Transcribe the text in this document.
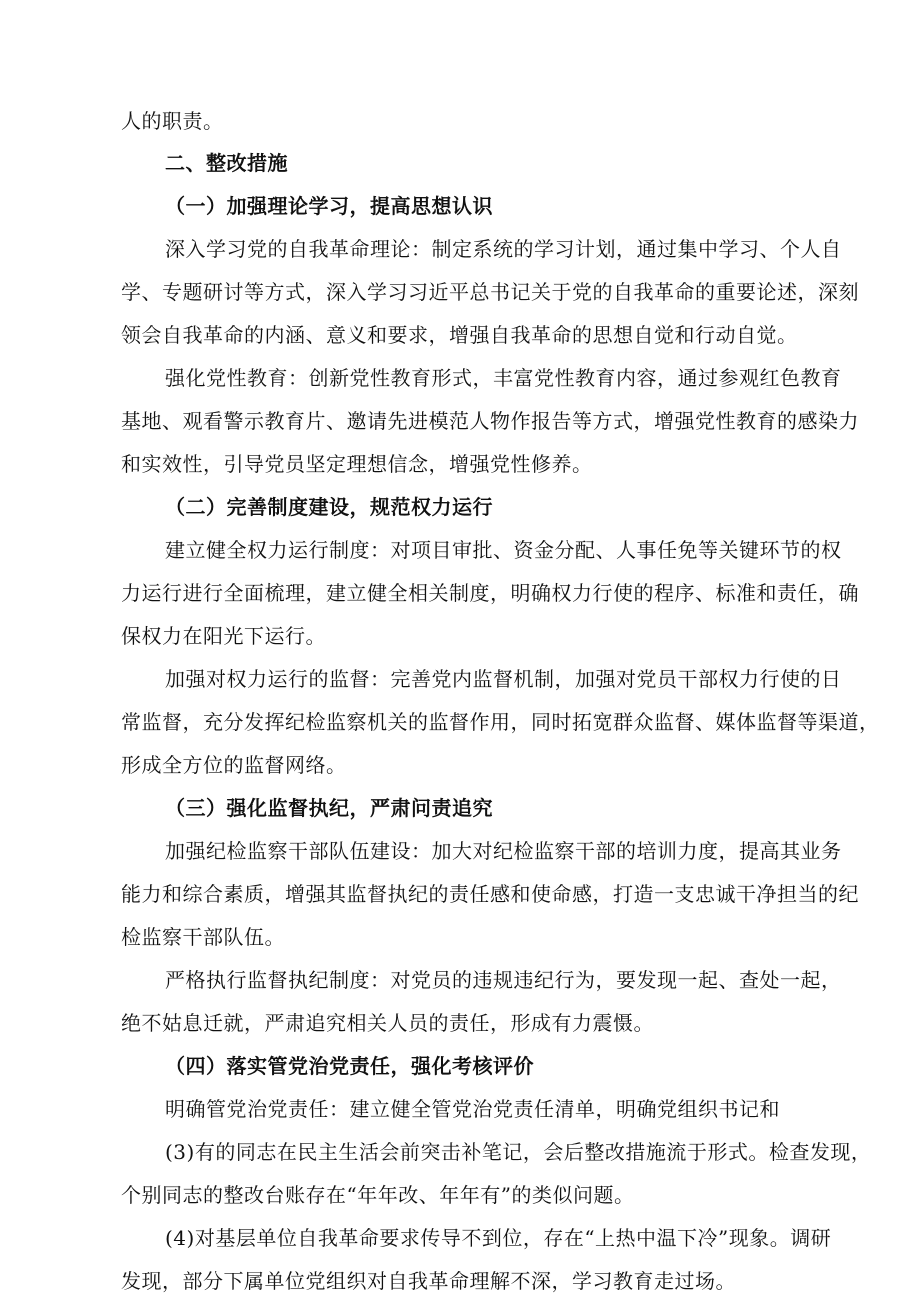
人的职责。
二、整改措施
（一）加强理论学习，提高思想认识
深入学习党的自我革命理论：制定系统的学习计划，通过集中学习、个人自
学、专题研讨等方式，深入学习习近平总书记关于党的自我革命的重要论述，深刻
领会自我革命的内涵、意义和要求，增强自我革命的思想自觉和行动自觉。
强化党性教育：创新党性教育形式，丰富党性教育内容，通过参观红色教育
基地、观看警示教育片、邀请先进模范人物作报告等方式，增强党性教育的感染力
和实效性，引导党员坚定理想信念，增强党性修养。
（二）完善制度建设，规范权力运行
建立健全权力运行制度：对项目审批、资金分配、人事任免等关键环节的权
力运行进行全面梳理，建立健全相关制度，明确权力行使的程序、标准和责任，确
保权力在阳光下运行。
加强对权力运行的监督：完善党内监督机制，加强对党员干部权力行使的日
常监督，充分发挥纪检监察机关的监督作用，同时拓宽群众监督、媒体监督等渠道，
形成全方位的监督网络。
（三）强化监督执纪，严肃问责追究
加强纪检监察干部队伍建设：加大对纪检监察干部的培训力度，提高其业务
能力和综合素质，增强其监督执纪的责任感和使命感，打造一支忠诚干净担当的纪
检监察干部队伍。
严格执行监督执纪制度：对党员的违规违纪行为，要发现一起、查处一起，
绝不姑息迁就，严肃追究相关人员的责任，形成有力震慑。
（四）落实管党治党责任，强化考核评价
明确管党治党责任：建立健全管党治党责任清单，明确党组织书记和
(3)有的同志在民主生活会前突击补笔记，会后整改措施流于形式。检查发现，
个别同志的整改台账存在“年年改、年年有”的类似问题。
(4)对基层单位自我革命要求传导不到位，存在“上热中温下冷”现象。调研
发现，部分下属单位党组织对自我革命理解不深，学习教育走过场。
